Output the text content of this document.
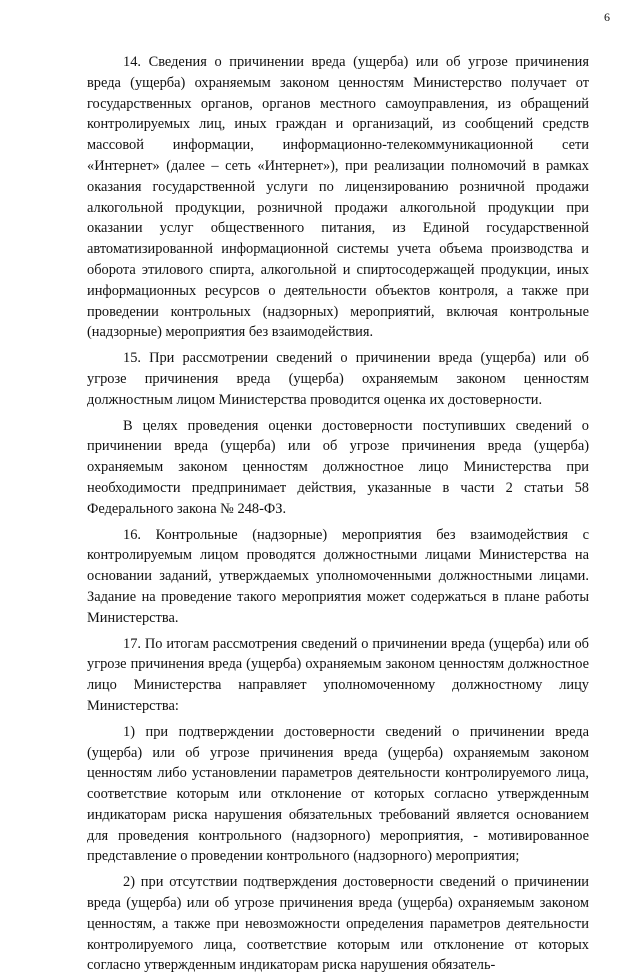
6

14. Сведения о причинении вреда (ущерба) или об угрозе причинения вреда (ущерба) охраняемым законом ценностям Министерство получает от государственных органов, органов местного самоуправления, из обращений контролируемых лиц, иных граждан и организаций, из сообщений средств массовой информации, информационно-телекоммуникационной сети «Интернет» (далее – сеть «Интернет»), при реализации полномочий в рамках оказания государственной услуги по лицензированию розничной продажи алкогольной продукции, розничной продажи алкогольной продукции при оказании услуг общественного питания, из Единой государственной автоматизированной информационной системы учета объема производства и оборота этилового спирта, алкогольной и спиртосодержащей продукции, иных информационных ресурсов о деятельности объектов контроля, а также при проведении контрольных (надзорных) мероприятий, включая контрольные (надзорные) мероприятия без взаимодействия.

15. При рассмотрении сведений о причинении вреда (ущерба) или об угрозе причинения вреда (ущерба) охраняемым законом ценностям должностным лицом Министерства проводится оценка их достоверности.

В целях проведения оценки достоверности поступивших сведений о причинении вреда (ущерба) или об угрозе причинения вреда (ущерба) охраняемым законом ценностям должностное лицо Министерства при необходимости предпринимает действия, указанные в части 2 статьи 58 Федерального закона № 248-ФЗ.

16. Контрольные (надзорные) мероприятия без взаимодействия с контролируемым лицом проводятся должностными лицами Министерства на основании заданий, утверждаемых уполномоченными должностными лицами. Задание на проведение такого мероприятия может содержаться в плане работы Министерства.

17. По итогам рассмотрения сведений о причинении вреда (ущерба) или об угрозе причинения вреда (ущерба) охраняемым законом ценностям должностное лицо Министерства направляет уполномоченному должностному лицу Министерства:

1) при подтверждении достоверности сведений о причинении вреда (ущерба) или об угрозе причинения вреда (ущерба) охраняемым законом ценностям либо установлении параметров деятельности контролируемого лица, соответствие которым или отклонение от которых согласно утвержденным индикаторам риска нарушения обязательных требований является основанием для проведения контрольного (надзорного) мероприятия, - мотивированное представление о проведении контрольного (надзорного) мероприятия;

2) при отсутствии подтверждения достоверности сведений о причинении вреда (ущерба) или об угрозе причинения вреда (ущерба) охраняемым законом ценностям, а также при невозможности определения параметров деятельности контролируемого лица, соответствие которым или отклонение от которых согласно утвержденным индикаторам риска нарушения обязатель-
